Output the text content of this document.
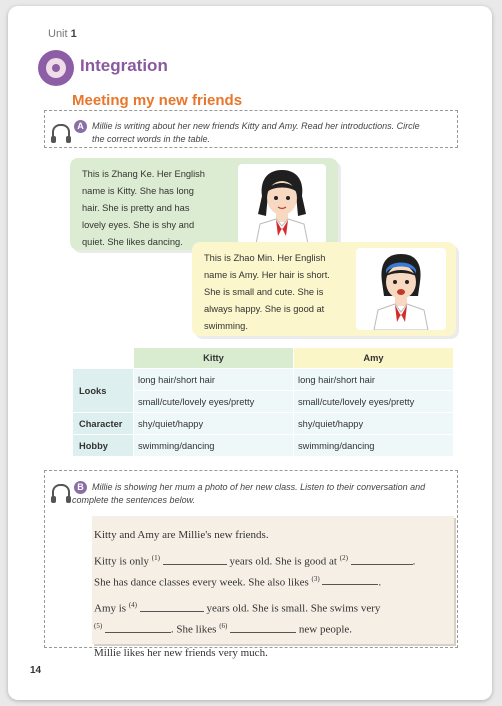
Unit 1
Integration
Meeting my new friends
A Millie is writing about her new friends Kitty and Amy. Read her introductions. Circle
the correct words in the table.
This is Zhang Ke. Her English
name is Kitty. She has long
hair. She is pretty and has
lovely eyes. She is shy and
quiet. She likes dancing.
This is Zhao Min. Her English
name is Amy. Her hair is short.
She is small and cute. She is
always happy. She is good at
swimming.
	Kitty	Amy
Looks	long hair/short hair	long hair/short hair
	small/cute/lovely eyes/pretty	small/cute/lovely eyes/pretty
Character	shy/quiet/happy	shy/quiet/happy
Hobby	swimming/dancing	swimming/dancing
B Millie is showing her mum a photo of her new class. Listen to their conversation and
complete the sentences below.

Kitty and Amy are Millie's new friends.

Kitty is only $^{(1)}$	years old. She is good at $^{(2)}$	.

She has dance classes every week. She also likes $^{(3)}$	.

Amy is $^{(4)}$	years old. She is small. She swims very

$^{(5)}$	. She likes $^{(6)}$	new people.

Millie likes her new friends very much.

14
